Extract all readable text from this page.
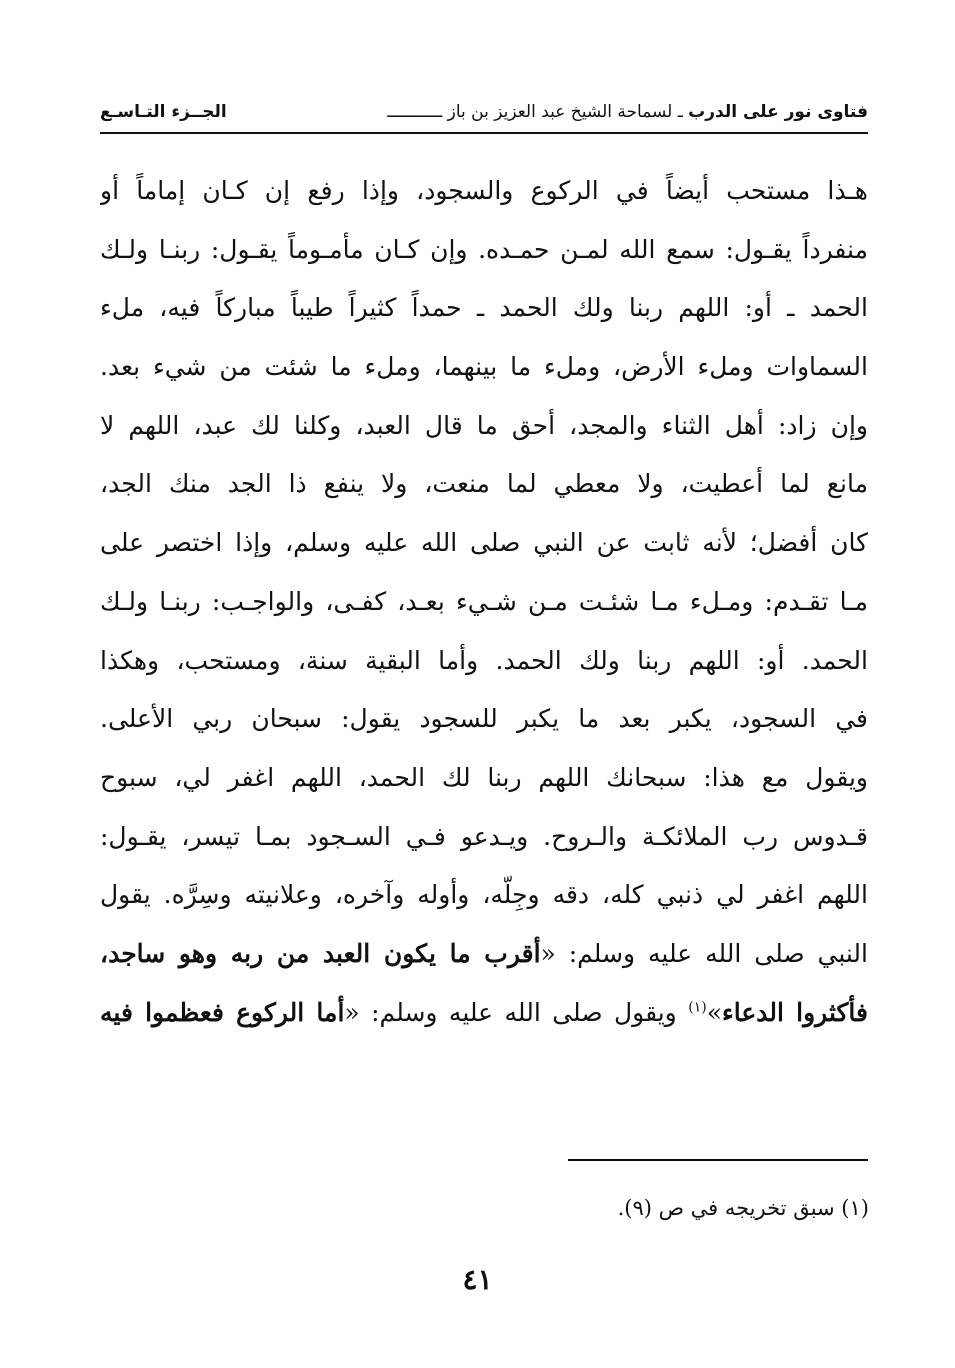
فتاوى نور على الدرب ـ لسماحة الشيخ عبد العزيز بن باز ـــــــــــ
الجــزء التـاسـع
هـذا مستحب أيضاً في الركوع والسجود، وإذا رفع إن كـان إماماً أو
منفرداً يقـول: سمع الله لمـن حمـده. وإن كـان مأمـوماً يقـول: ربنـا ولـك
الحمد ـ أو: اللهم ربنا ولك الحمد ـ حمداً كثيراً طيباً مباركاً فيه، ملء
السماوات وملء الأرض، وملء ما بينهما، وملء ما شئت من شيء بعد.
وإن زاد: أهل الثناء والمجد، أحق ما قال العبد، وكلنا لك عبد، اللهم لا
مانع لما أعطيت، ولا معطي لما منعت، ولا ينفع ذا الجد منك الجد،
كان أفضل؛ لأنه ثابت عن النبي صلى الله عليه وسلم، وإذا اختصر على
مـا تقـدم: ومـلء مـا شئـت مـن شـيء بعـد، كفـى، والواجـب: ربنـا ولـك
الحمد. أو: اللهم ربنا ولك الحمد. وأما البقية سنة، ومستحب، وهكذا
في السجود، يكبر بعد ما يكبر للسجود يقول: سبحان ربي الأعلى.
ويقول مع هذا: سبحانك اللهم ربنا لك الحمد، اللهم اغفر لي، سبوح
قـدوس رب الملائكـة والـروح. ويـدعو فـي السـجود بمـا تيسر، يقـول:
اللهم اغفر لي ذنبي كله، دقه وجِلّه، وأوله وآخره، وعلانيته وسِرَّه. يقول
النبي صلى الله عليه وسلم: «أقرب ما يكون العبد من ربه وهو ساجد،
فأكثروا الدعاء»$^{(١)}$ ويقول صلى الله عليه وسلم: «أما الركوع فعظموا فيه
(١) سبق تخريجه في ص (٩).
٤١
